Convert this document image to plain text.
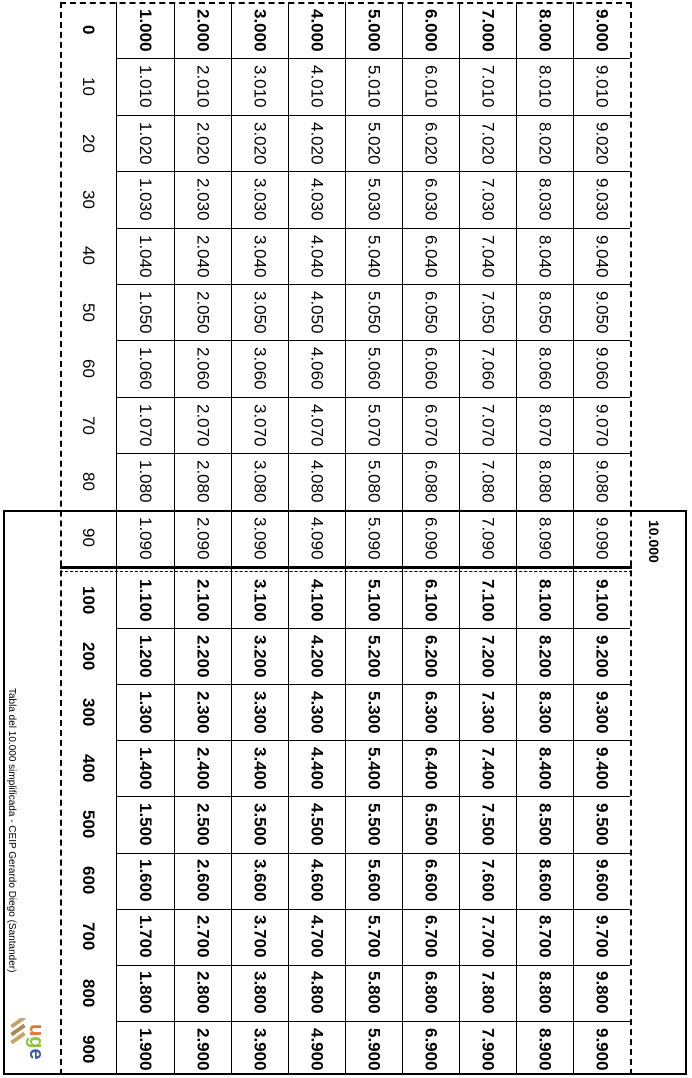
10.000
Tabla del 10.000 simplificada - CEIP Gerardo Diego (Santander)
uge
0
10
20
30
40
50
60
70
80
90
100
200
300
400
500
600
700
800
900
1.000
1.010
1.020
1.030
1.040
1.050
1.060
1.070
1.080
1.090
1.100
1.200
1.300
1.400
1.500
1.600
1.700
1.800
1.900
2.000
2.010
2.020
2.030
2.040
2.050
2.060
2.070
2.080
2.090
2.100
2.200
2.300
2.400
2.500
2.600
2.700
2.800
2.900
3.000
3.010
3.020
3.030
3.040
3.050
3.060
3.070
3.080
3.090
3.100
3.200
3.300
3.400
3.500
3.600
3.700
3.800
3.900
4.000
4.010
4.020
4.030
4.040
4.050
4.060
4.070
4.080
4.090
4.100
4.200
4.300
4.400
4.500
4.600
4.700
4.800
4.900
5.000
5.010
5.020
5.030
5.040
5.050
5.060
5.070
5.080
5.090
5.100
5.200
5.300
5.400
5.500
5.600
5.700
5.800
5.900
6.000
6.010
6.020
6.030
6.040
6.050
6.060
6.070
6.080
6.090
6.100
6.200
6.300
6.400
6.500
6.600
6.700
6.800
6.900
7.000
7.010
7.020
7.030
7.040
7.050
7.060
7.070
7.080
7.090
7.100
7.200
7.300
7.400
7.500
7.600
7.700
7.800
7.900
8.000
8.010
8.020
8.030
8.040
8.050
8.060
8.070
8.080
8.090
8.100
8.200
8.300
8.400
8.500
8.600
8.700
8.800
8.900
9.000
9.010
9.020
9.030
9.040
9.050
9.060
9.070
9.080
9.090
9.100
9.200
9.300
9.400
9.500
9.600
9.700
9.800
9.900
